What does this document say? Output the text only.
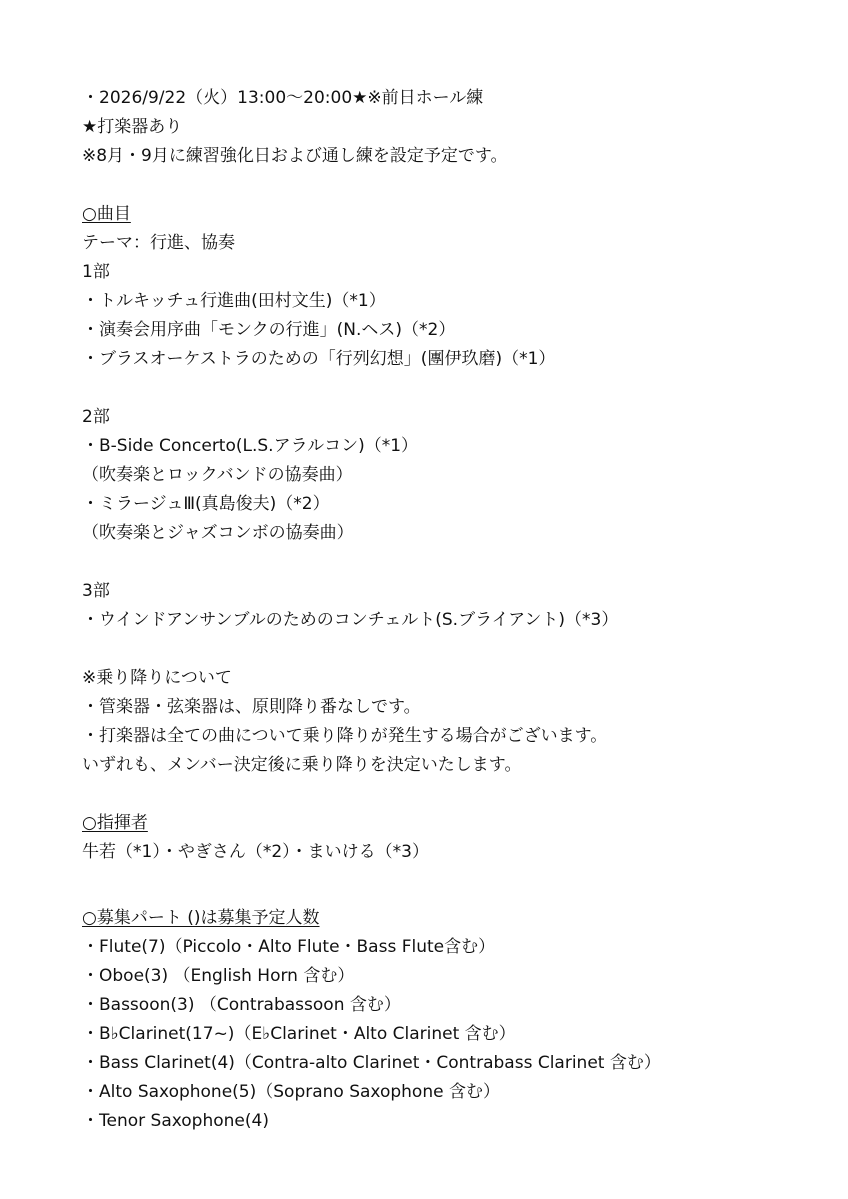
・2026/9/22（火）13:00〜20:00★※前日ホール練
★打楽器あり
※8月・9月に練習強化日および通し練を設定予定です。
○曲目
テーマ：行進、協奏
1部
・トルキッチュ行進曲(田村文生)（*1）
・演奏会用序曲「モンクの行進」(N.ヘス)（*2）
・ブラスオーケストラのための「行列幻想」(團伊玖磨)（*1）
2部
・B-Side Concerto(L.S.アラルコン)（*1）
（吹奏楽とロックバンドの協奏曲）
・ミラージュⅢ(真島俊夫)（*2）
（吹奏楽とジャズコンボの協奏曲）
3部
・ウインドアンサンブルのためのコンチェルト(S.ブライアント)（*3）
※乗り降りについて
・管楽器・弦楽器は、原則降り番なしです。
・打楽器は全ての曲について乗り降りが発生する場合がございます。
いずれも、メンバー決定後に乗り降りを決定いたします。
○指揮者
牛若（*1）・やぎさん（*2）・まいける（*3）
○募集パート ()は募集予定人数
・Flute(7)（Piccolo・Alto Flute・Bass Flute含む）
・Oboe(3) （English Horn 含む）
・Bassoon(3) （Contrabassoon 含む）
・B♭Clarinet(17~)（E♭Clarinet・Alto Clarinet 含む）
・Bass Clarinet(4)（Contra-alto Clarinet・Contrabass Clarinet 含む）
・Alto Saxophone(5)（Soprano Saxophone 含む）
・Tenor Saxophone(4)
